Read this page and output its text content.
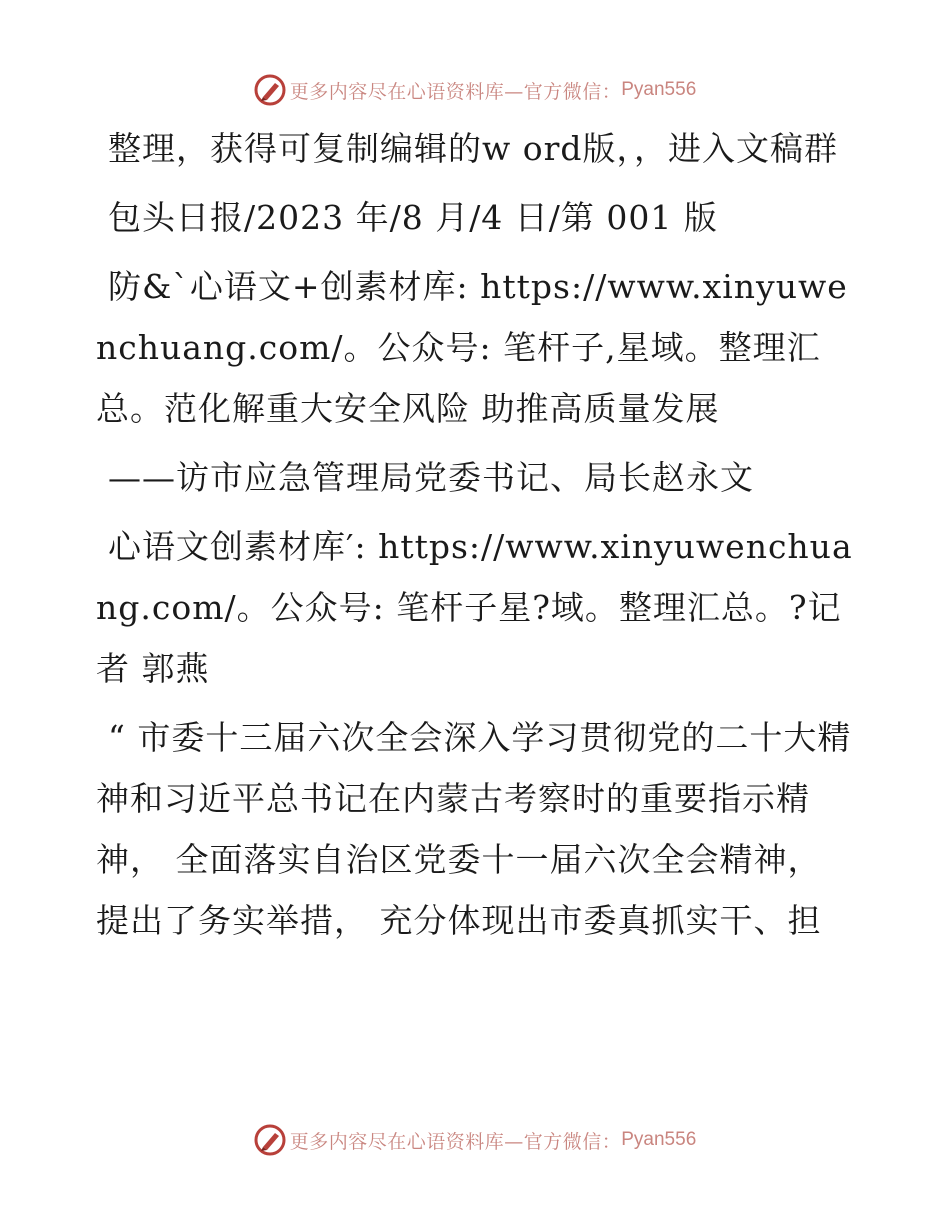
更多内容尽在心语资料库—官方微信： Pyan556

整理，获得可复制编辑的w ord版，，进入文稿群

包头日报/2023 年/8 月/4 日/第 001 版

防&`心语文+创素材库: https://www.xinyuwenchuang.com/。公众号: 笔杆子,星域。整理汇总。范化解重大安全风险 助推高质量发展

——访市应急管理局党委书记、局长赵永文

心语文创素材库′: https://www.xinyuwenchuang.com/。公众号: 笔杆子星?域。整理汇总。?记者 郭燕

“ 市委十三届六次全会深入学习贯彻党的二十大精神和习近平总书记在内蒙古考察时的重要指示精神， 全面落实自治区党委十一届六次全会精神， 提出了务实举措， 充分体现出市委真抓实干、担

更多内容尽在心语资料库—官方微信： Pyan556
